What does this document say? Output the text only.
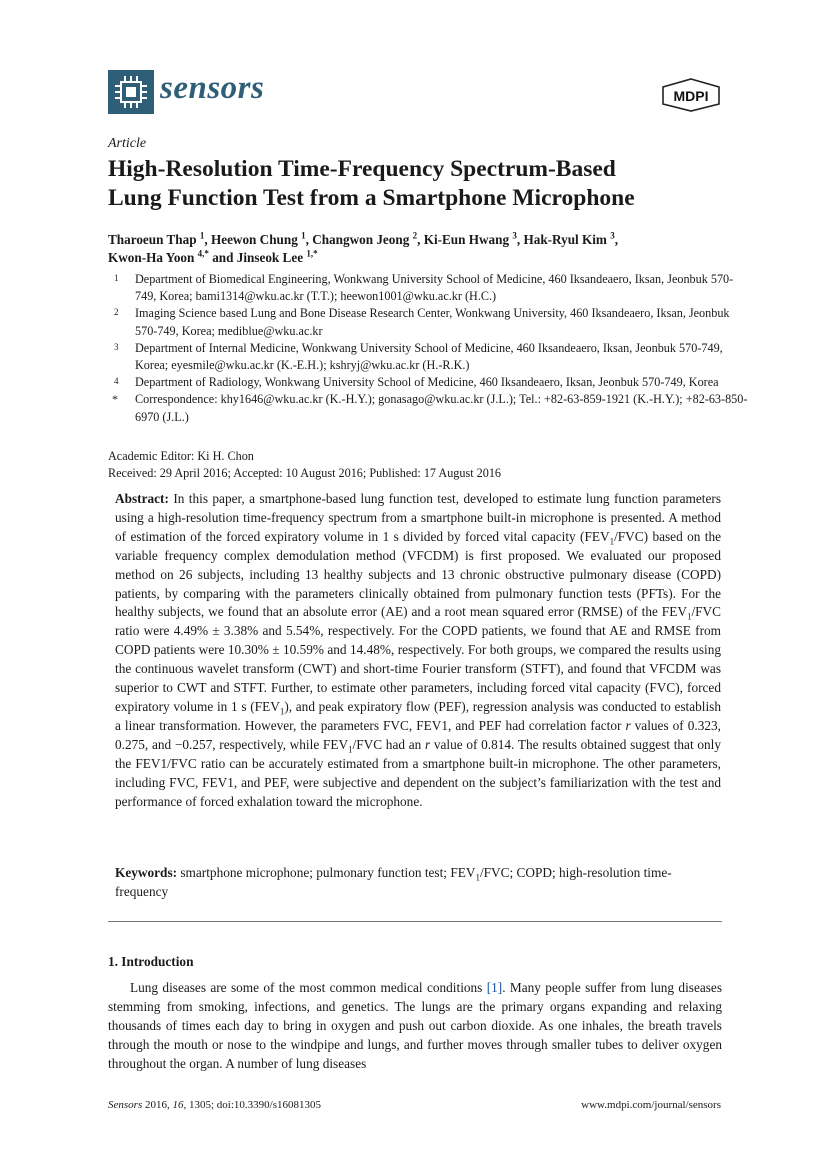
sensors	MDPI
Article
High-Resolution Time-Frequency Spectrum-Based
Lung Function Test from a Smartphone Microphone
Tharoeun Thap $^1$, Heewon Chung $^1$, Changwon Jeong $^2$, Ki-Eun Hwang $^3$, Hak-Ryul Kim $^3$,
Kwon-Ha Yoon $^{4,*}$ and Jinseok Lee $^{1,*}$
1 Department of Biomedical Engineering, Wonkwang University School of Medicine, 460 Iksandeaero, Iksan, Jeonbuk 570-749, Korea; bami1314@wku.ac.kr (T.T.); heewon1001@wku.ac.kr (H.C.)
2 Imaging Science based Lung and Bone Disease Research Center, Wonkwang University, 460 Iksandeaero, Iksan, Jeonbuk 570-749, Korea; mediblue@wku.ac.kr
3 Department of Internal Medicine, Wonkwang University School of Medicine, 460 Iksandeaero, Iksan, Jeonbuk 570-749, Korea; eyesmile@wku.ac.kr (K.-E.H.); kshryj@wku.ac.kr (H.-R.K.)
4 Department of Radiology, Wonkwang University School of Medicine, 460 Iksandeaero, Iksan, Jeonbuk 570-749, Korea
* Correspondence: khy1646@wku.ac.kr (K.-H.Y.); gonasago@wku.ac.kr (J.L.); Tel.: +82-63-859-1921 (K.-H.Y.); +82-63-850-6970 (J.L.)
Academic Editor: Ki H. Chon
Received: 29 April 2016; Accepted: 10 August 2016; Published: 17 August 2016
Abstract: In this paper, a smartphone-based lung function test, developed to estimate lung function parameters using a high-resolution time-frequency spectrum from a smartphone built-in microphone is presented. A method of estimation of the forced expiratory volume in 1 s divided by forced vital capacity $(FEV_1/FVC)$ based on the variable frequency complex demodulation method (VFCDM) is first proposed. We evaluated our proposed method on 26 subjects, including 13 healthy subjects and 13 chronic obstructive pulmonary disease (COPD) patients, by comparing with the parameters clinically obtained from pulmonary function tests (PFTs). For the healthy subjects, we found that an absolute error (AE) and a root mean squared error (RMSE) of the $FEV_1$/FVC ratio were 4.49% ± 3.38% and 5.54%, respectively. For the COPD patients, we found that AE and RMSE from COPD patients were 10.30% ± 10.59% and 14.48%, respectively. For both groups, we compared the results using the continuous wavelet transform (CWT) and short-time Fourier transform (STFT), and found that VFCDM was superior to CWT and STFT. Further, to estimate other parameters, including forced vital capacity (FVC), forced expiratory volume in 1 s $(FEV_1)$, and peak expiratory flow (PEF), regression analysis was conducted to establish a linear transformation. However, the parameters FVC, FEV1, and PEF had correlation factor r values of 0.323, 0.275, and −0.257, respectively, while $FEV_1$/FVC had an r value of 0.814. The results obtained suggest that only the FEV1/FVC ratio can be accurately estimated from a smartphone built-in microphone. The other parameters, including FVC, FEV1, and PEF, were subjective and dependent on the subject’s familiarization with the test and performance of forced exhalation toward the microphone.
Keywords: smartphone microphone; pulmonary function test; $FEV_1$/FVC; COPD; high-resolution time-frequency
1. Introduction
Lung diseases are some of the most common medical conditions [1]. Many people suffer from lung diseases stemming from smoking, infections, and genetics. The lungs are the primary organs expanding and relaxing thousands of times each day to bring in oxygen and push out carbon dioxide. As one inhales, the breath travels through the mouth or nose to the windpipe and lungs, and further moves through smaller tubes to deliver oxygen throughout the organ. A number of lung diseases
Sensors 2016, 16, 1305; doi:10.3390/s16081305	www.mdpi.com/journal/sensors
